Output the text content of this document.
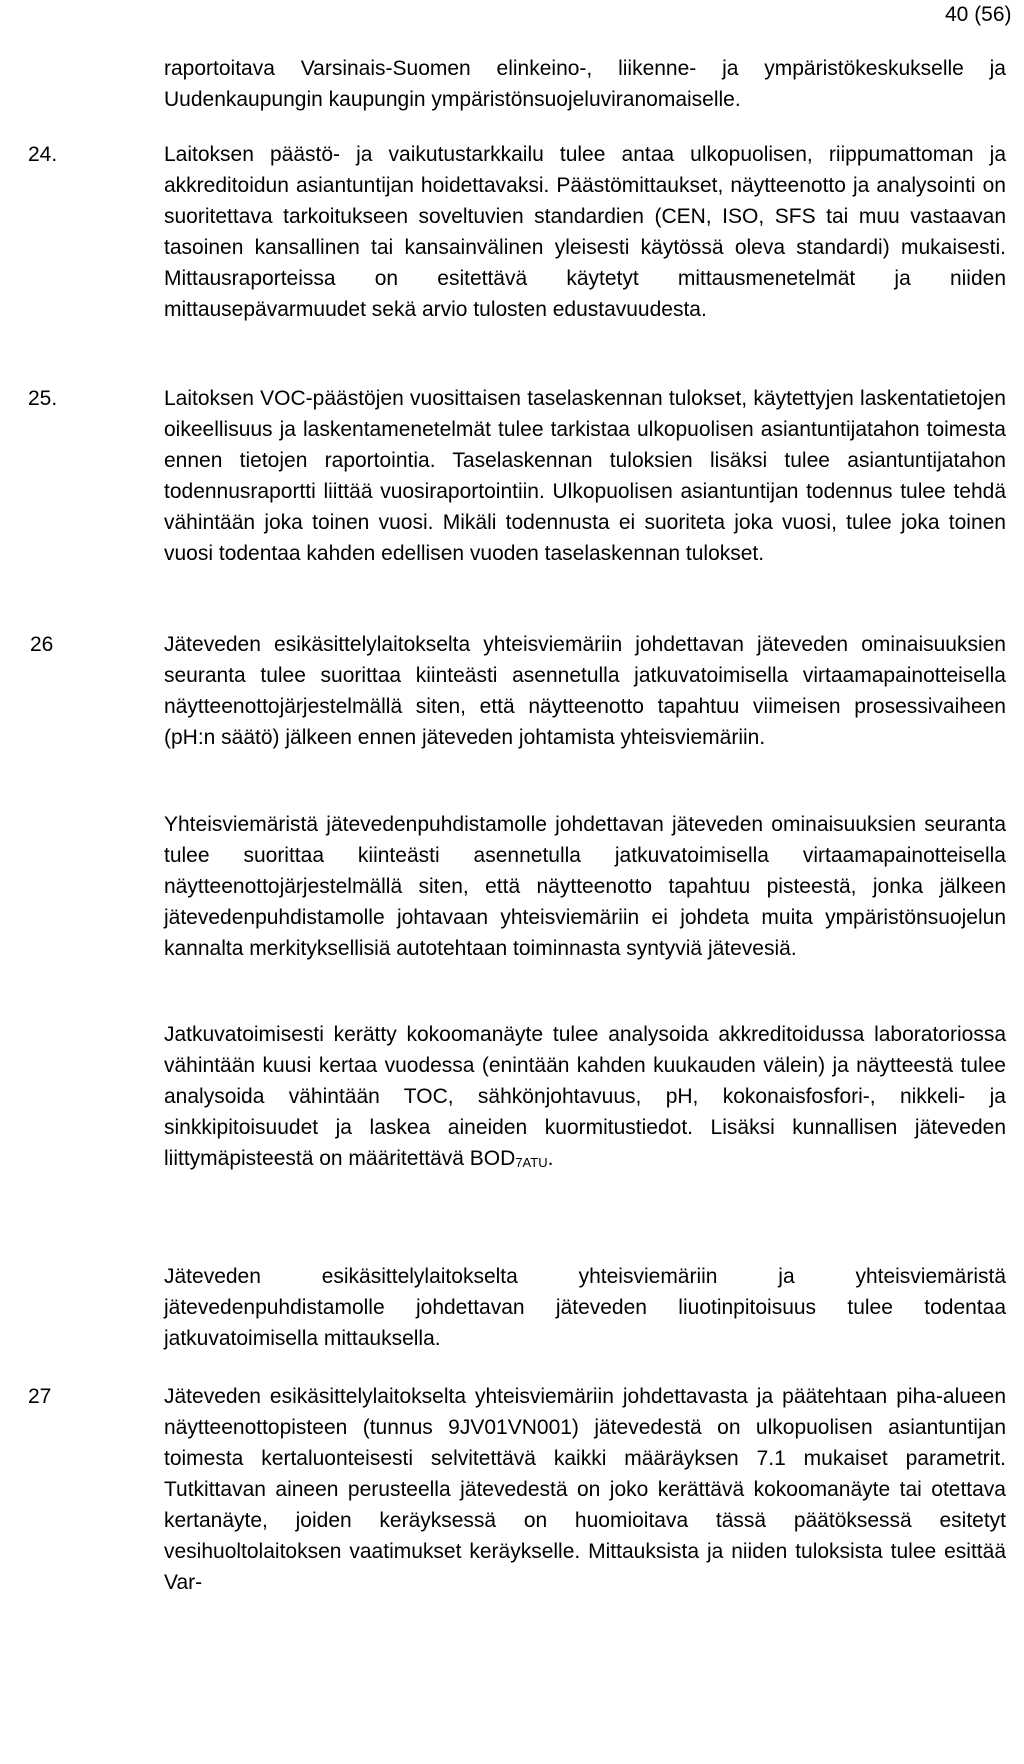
40 (56)

raportoitava Varsinais-Suomen elinkeino-, liikenne- ja ympäristökeskukselle ja Uudenkaupungin kaupungin ympäristönsuojeluviranomaiselle.

24.	Laitoksen päästö- ja vaikutustarkkailu tulee antaa ulkopuolisen, riippumattoman ja akkreditoidun asiantuntijan hoidettavaksi. Päästömittaukset, näytteenotto ja analysointi on suoritettava tarkoitukseen soveltuvien standardien (CEN, ISO, SFS tai muu vastaavan tasoinen kansallinen tai kansainvälinen yleisesti käytössä oleva standardi) mukaisesti. Mittausraporteissa on esitettävä käytetyt mittausmenetelmät ja niiden mittausepävarmuudet sekä arvio tulosten edustavuudesta.

25.	Laitoksen VOC-päästöjen vuosittaisen taselaskennan tulokset, käytettyjen laskentatietojen oikeellisuus ja laskentamenetelmät tulee tarkistaa ulkopuolisen asiantuntijatahon toimesta ennen tietojen raportointia. Taselaskennan tuloksien lisäksi tulee asiantuntijatahon todennusraportti liittää vuosiraportointiin. Ulkopuolisen asiantuntijan todennus tulee tehdä vähintään joka toinen vuosi. Mikäli todennusta ei suoriteta joka vuosi, tulee joka toinen vuosi todentaa kahden edellisen vuoden taselaskennan tulokset.

26	Jäteveden esikäsittelylaitokselta yhteisviemäriin johdettavan jäteveden ominaisuuksien seuranta tulee suorittaa kiinteästi asennetulla jatkuvatoimisella virtaamapainotteisella näytteenottojärjestelmällä siten, että näytteenotto tapahtuu viimeisen prosessivaiheen (pH:n säätö) jälkeen ennen jäteveden johtamista yhteisviemäriin.

Yhteisviemäristä jätevedenpuhdistamolle johdettavan jäteveden ominaisuuksien seuranta tulee suorittaa kiinteästi asennetulla jatkuvatoimisella virtaamapainotteisella näytteenottojärjestelmällä siten, että näytteenotto tapahtuu pisteestä, jonka jälkeen jätevedenpuhdistamolle johtavaan yhteisviemäriin ei johdeta muita ympäristönsuojelun kannalta merkityksellisiä autotehtaan toiminnasta syntyviä jätevesiä.

Jatkuvatoimisesti kerätty kokoomanäyte tulee analysoida akkreditoidussa laboratoriossa vähintään kuusi kertaa vuodessa (enintään kahden kuukauden välein) ja näytteestä tulee analysoida vähintään TOC, sähkönjohtavuus, pH, kokonaisfosfori-, nikkeli- ja sinkkipitoisuudet ja laskea aineiden kuormitustiedot. Lisäksi kunnallisen jäteveden liittymäpisteestä on määritettävä $BOD_{7ATU}$.

Jäteveden esikäsittelylaitokselta yhteisviemäriin ja yhteisviemäristä jätevedenpuhdistamolle johdettavan jäteveden liuotinpitoisuus tulee todentaa jatkuvatoimisella mittauksella.

27	Jäteveden esikäsittelylaitokselta yhteisviemäriin johdettavasta ja päätehtaan piha-alueen näytteenottopisteen (tunnus 9JV01VN001) jätevedestä on ulkopuolisen asiantuntijan toimesta kertaluonteisesti selvitettävä kaikki määräyksen 7.1 mukaiset parametrit. Tutkittavan aineen perusteella jätevedestä on joko kerättävä kokoomanäyte tai otettava kertanäyte, joiden keräyksessä on huomioitava tässä päätöksessä esitetyt vesihuoltolaitoksen vaatimukset keräykselle. Mittauksista ja niiden tuloksista tulee esittää Var-
